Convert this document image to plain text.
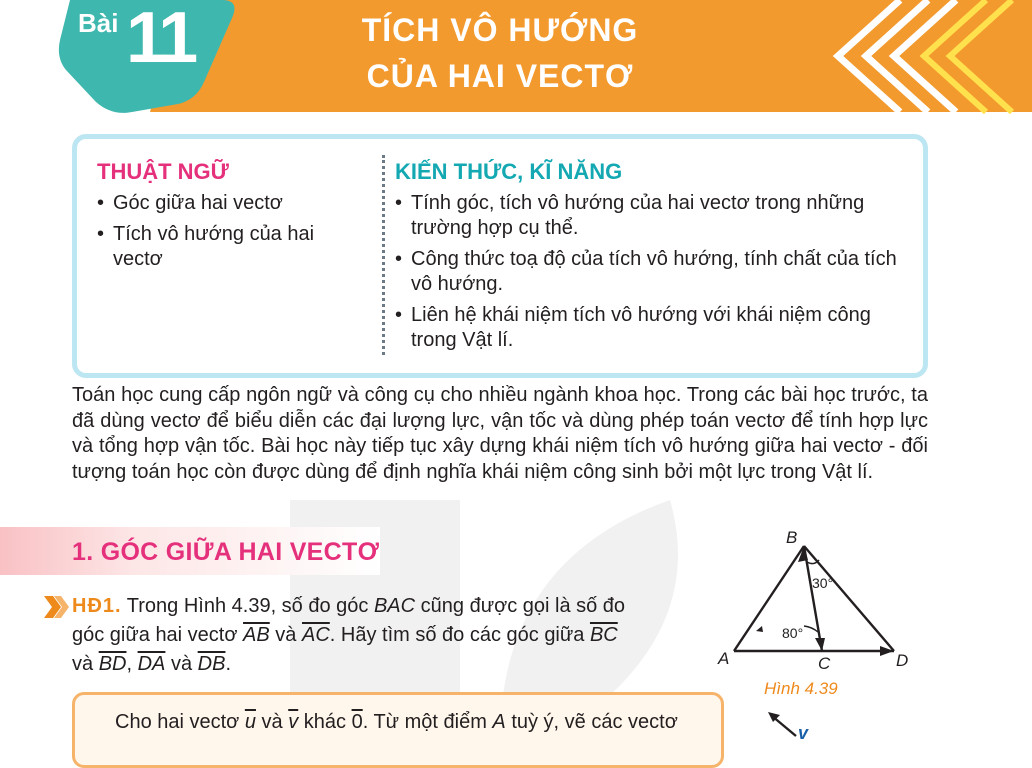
Bài 11	TÍCH VÔ HƯỚNG
CỦA HAI VECTƠ
THUẬT NGỮ
• Góc giữa hai vectơ
• Tích vô hướng của hai vectơ
KIẾN THỨC, KĨ NĂNG
• Tính góc, tích vô hướng của hai vectơ trong những trường hợp cụ thể.
• Công thức toạ độ của tích vô hướng, tính chất của tích vô hướng.
• Liên hệ khái niệm tích vô hướng với khái niệm công trong Vật lí.

Toán học cung cấp ngôn ngữ và công cụ cho nhiều ngành khoa học. Trong các bài học trước, ta đã dùng vectơ để biểu diễn các đại lượng lực, vận tốc và dùng phép toán vectơ để tính hợp lực và tổng hợp vận tốc. Bài học này tiếp tục xây dựng khái niệm tích vô hướng giữa hai vectơ - đối tượng toán học còn được dùng để định nghĩa khái niệm công sinh bởi một lực trong Vật lí.

1. GÓC GIỮA HAI VECTƠ

HĐ1. Trong Hình 4.39, số đo góc BAC cũng được gọi là số đo góc giữa hai vectơ $\overline{AB}$ và $\overline{AC}$. Hãy tìm số đo các góc giữa $\overline{BC}$ và $\overline{BD}$, $\overline{DA}$ và $\overline{DB}$.

B
A	C	D
30°
80°
Hình 4.39
Cho hai vectơ $\overline{u}$ và $\overline{v}$ khác 0. Từ một điểm A tuỳ ý, vẽ các vectơ	v
